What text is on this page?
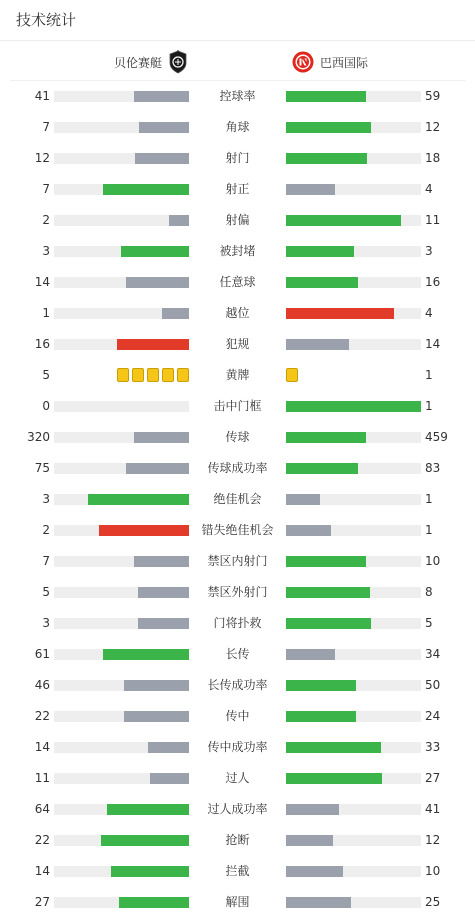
技术统计
贝伦赛艇	巴西国际
41	控球率	59
7	角球	12
12	射门	18
7	射正	4
2	射偏	11
3	被封堵	3
14	任意球	16
1	越位	4
16	犯规	14
5	黄牌	1
0	击中门框	1
320	传球	459
75	传球成功率	83
3	绝佳机会	1
2	错失绝佳机会	1
7	禁区内射门	10
5	禁区外射门	8
3	门将扑救	5
61	长传	34
46	长传成功率	50
22	传中	24
14	传中成功率	33
11	过人	27
64	过人成功率	41
22	抢断	12
14	拦截	10
27	解围	25
